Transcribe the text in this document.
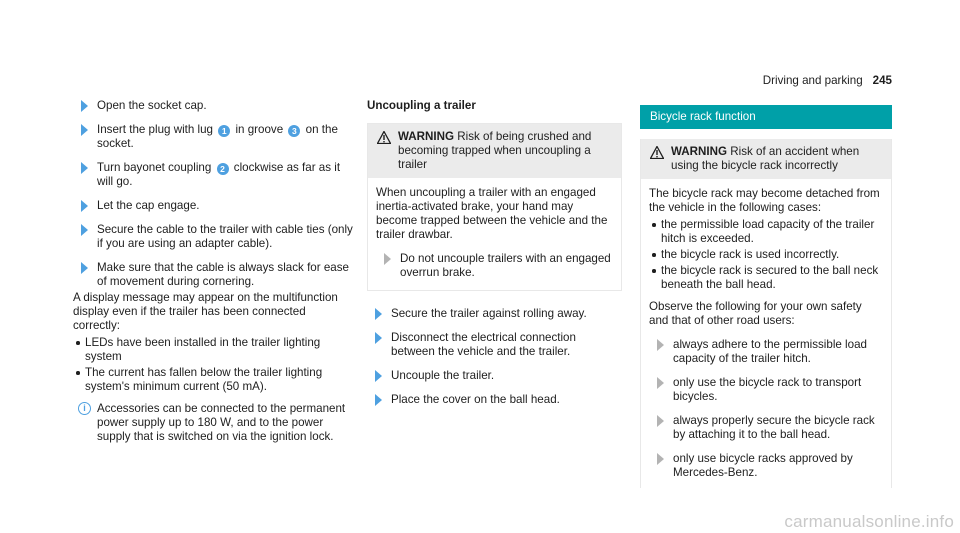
Driving and parking 245
Open the socket cap.
Insert the plug with lug 1 in groove 3 on the socket.
Turn bayonet coupling 2 clockwise as far as it will go.
Let the cap engage.
Secure the cable to the trailer with cable ties (only if you are using an adapter cable).
Make sure that the cable is always slack for ease of movement during cornering.

A display message may appear on the multifunction display even if the trailer has been connected correctly:

LEDs have been installed in the trailer lighting system
The current has fallen below the trailer lighting system's minimum current (50 mA).
i Accessories can be connected to the permanent power supply up to 180 W, and to the power supply that is switched on via the ignition lock.
Uncoupling a trailer
WARNING Risk of being crushed and becoming trapped when uncoupling a trailer

When uncoupling a trailer with an engaged inertia-activated brake, your hand may become trapped between the vehicle and the trailer drawbar.

Do not uncouple trailers with an engaged overrun brake.
Secure the trailer against rolling away.
Disconnect the electrical connection between the vehicle and the trailer.
Uncouple the trailer.
Place the cover on the ball head.
Bicycle rack function
WARNING Risk of an accident when using the bicycle rack incorrectly

The bicycle rack may become detached from the vehicle in the following cases:

the permissible load capacity of the trailer hitch is exceeded.
the bicycle rack is used incorrectly.
the bicycle rack is secured to the ball neck beneath the ball head.

Observe the following for your own safety and that of other road users:

always adhere to the permissible load capacity of the trailer hitch.
only use the bicycle rack to transport bicycles.
always properly secure the bicycle rack by attaching it to the ball head.
only use bicycle racks approved by Mercedes-Benz.
carmanualsonline.info
